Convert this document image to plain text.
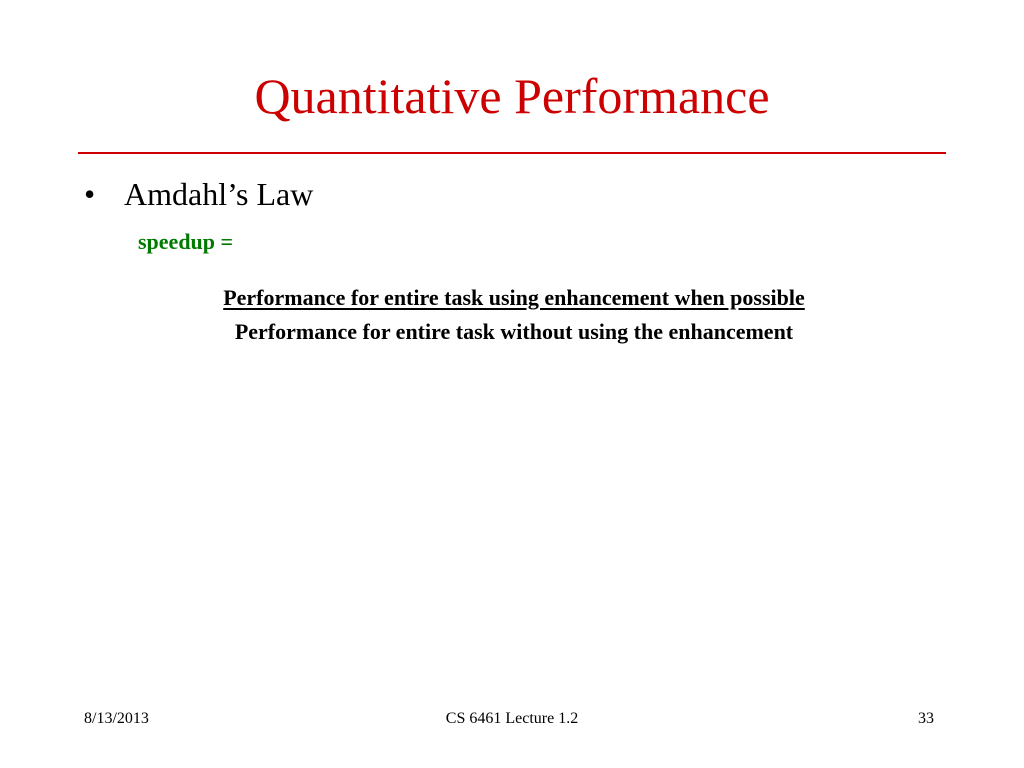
Quantitative Performance
• Amdahl’s Law
speedup =
Performance for entire task using enhancement when possible
Performance for entire task without using the enhancement
8/13/2013	CS 6461 Lecture 1.2	33
